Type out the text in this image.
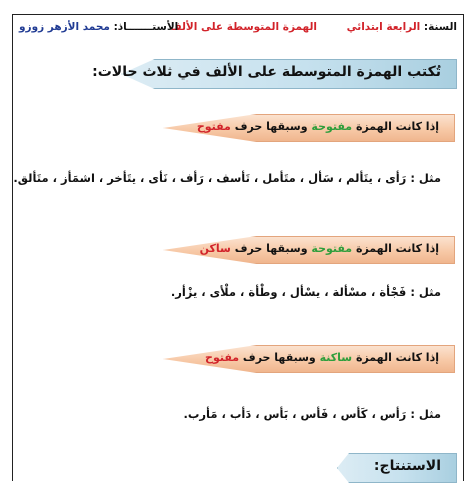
السنة: الرابعة ابتدائي
الهمزة المتوسطة على الألف
الأستـــــــاذ: محمد الأزهر زوزو
تُكتب الهمزة المتوسطة على الألف في ثلاث حالات:
إذا كانت الهمزة مفتوحة وسبقها حرف مفتوح
مثل : رَأى ، يتَألم ، سَأل ، متَأمل ، تَأسف ، رَأف ، نَأى ، يتَأخر ، اشمَأز ، متَألق.
إذا كانت الهمزة مفتوحة وسبقها حرف ساكن
مثل : فَجْأة ، مسْألة ، يسْأل ، وطْأة ، ملْأى ، يزْأر.
إذا كانت الهمزة ساكنة وسبقها حرف مفتوح
مثل : رَأس ، كَأس ، فَأس ، بَأس ، دَأب ، مَأرب.
الاستنتاج:
